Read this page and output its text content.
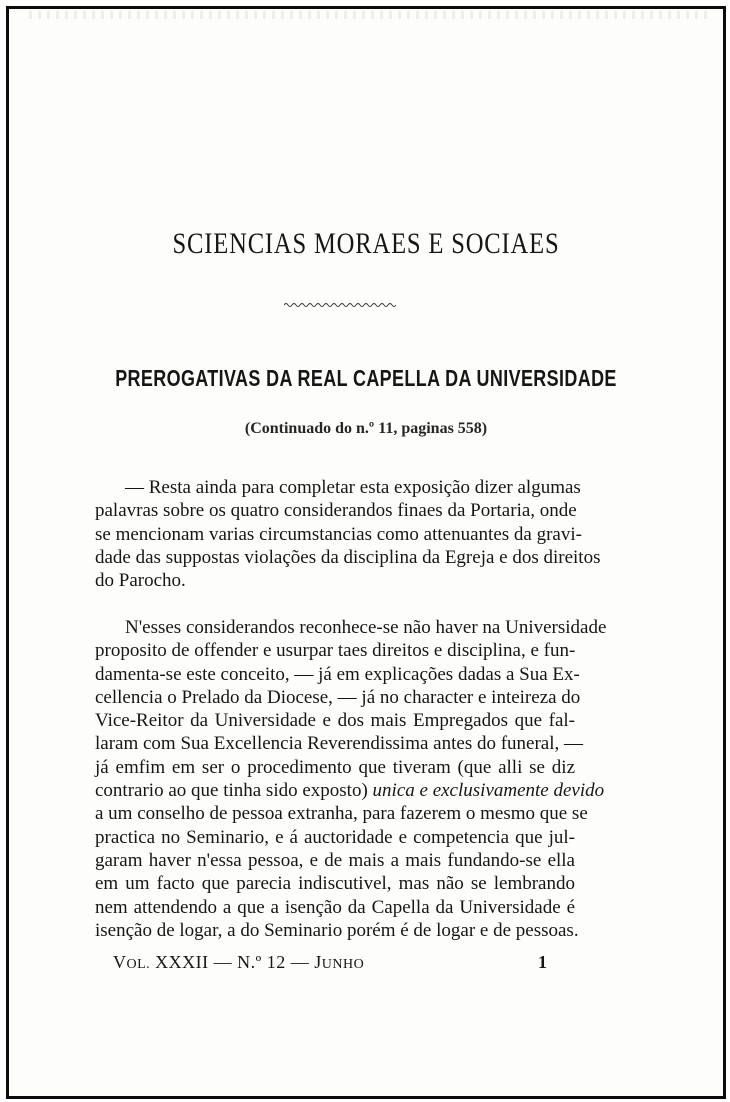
SCIENCIAS MORAES E SOCIAES
PREROGATIVAS DA REAL CAPELLA DA UNIVERSIDADE
(Continuado do n.º 11, paginas 558)
— Resta ainda para completar esta exposição dizer algumas
palavras sobre os quatro considerandos finaes da Portaria, onde
se mencionam varias circumstancias como attenuantes da gravi-
dade das suppostas violações da disciplina da Egreja e dos direitos
do Parocho.
N'esses considerandos reconhece-se não haver na Universidade
proposito de offender e usurpar taes direitos e disciplina, e fun-
damenta-se este conceito, — já em explicações dadas a Sua Ex-
cellencia o Prelado da Diocese, — já no character e inteireza do
Vice-Reitor da Universidade e dos mais Empregados que fal-
laram com Sua Excellencia Reverendissima antes do funeral, —
já emfim em ser o procedimento que tiveram (que alli se diz
contrario ao que tinha sido exposto) unica e exclusivamente devido
a um conselho de pessoa extranha, para fazerem o mesmo que se
practica no Seminario, e á auctoridade e competencia que jul-
garam haver n'essa pessoa, e de mais a mais fundando-se ella
em um facto que parecia indiscutivel, mas não se lembrando
nem attendendo a que a isenção da Capella da Universidade é
isenção de logar, a do Seminario porém é de logar e de pessoas.
VOL. XXXII — N.º 12 — JUNHO	1
